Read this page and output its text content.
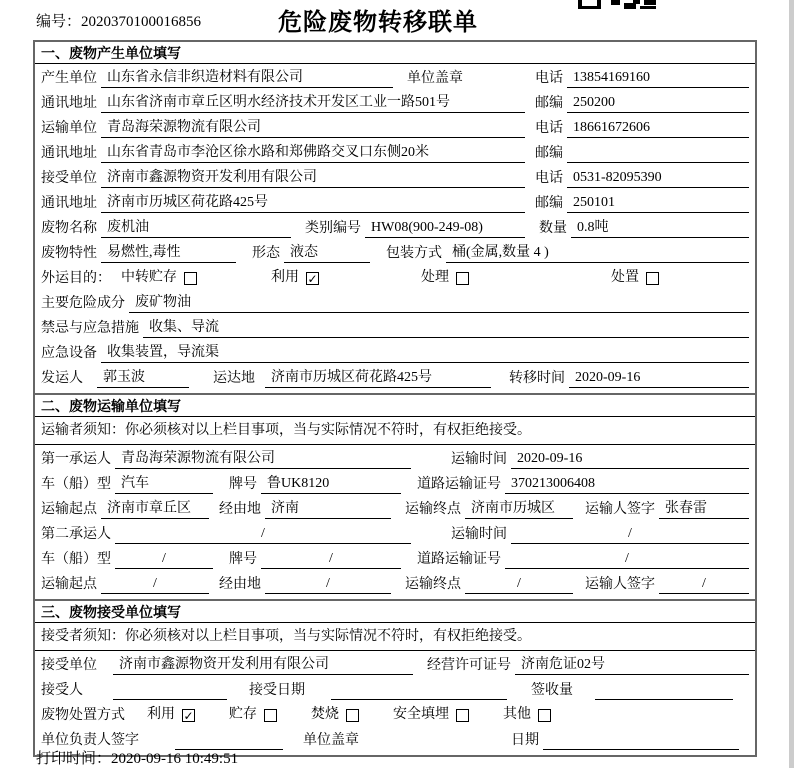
编号：2020370100016856	危险废物转移联单
一、废物产生单位填写
产生单位 山东省永信非织造材料有限公司	单位盖章	电话 13854169160
通讯地址 山东省济南市章丘区明水经济技术开发区工业一路501号	邮编 250200
运输单位 青岛海荣源物流有限公司	电话 18661672606
通讯地址 山东省青岛市李沧区徐水路和郑佛路交叉口东侧20米	邮编
接受单位 济南市鑫源物资开发利用有限公司	电话 0531-82095390
通讯地址 济南市历城区荷花路425号	邮编 250101
废物名称 废机油	类别编号 HW08(900-249-08)	数量 0.8吨
废物特性 易燃性,毒性	形态 液态	包装方式 桶(金属,数量 4 )
外运目的： 中转贮存	利用 ✓	处理	处置
主要危险成分 废矿物油
禁忌与应急措施 收集、导流
应急设备 收集装置，导流渠
发运人	郭玉波	运达地	济南市历城区荷花路425号	转移时间 2020-09-16
二、废物运输单位填写
运输者须知：你必须核对以上栏目事项，当与实际情况不符时，有权拒绝接受。
第一承运人 青岛海荣源物流有限公司	运输时间 2020-09-16
车（船）型 汽车	牌号 鲁UK8120	道路运输证号 370213006408
运输起点 济南市章丘区	经由地 济南	运输终点 济南市历城区	运输人签字 张春雷
第二承运人	/	运输时间	/
车（船）型	/	牌号	/	道路运输证号	/
运输起点	/	经由地	/	运输终点	/	运输人签字	/
三、废物接受单位填写
接受者须知：你必须核对以上栏目事项，当与实际情况不符时，有权拒绝接受。
接受单位	济南市鑫源物资开发利用有限公司	经营许可证号 济南危证02号
接受人	接受日期	签收量
废物处置方式 利用 ✓	贮存	焚烧	安全填埋	其他
单位负责人签字	单位盖章	日期
打印时间：2020-09-16 10:49:51
